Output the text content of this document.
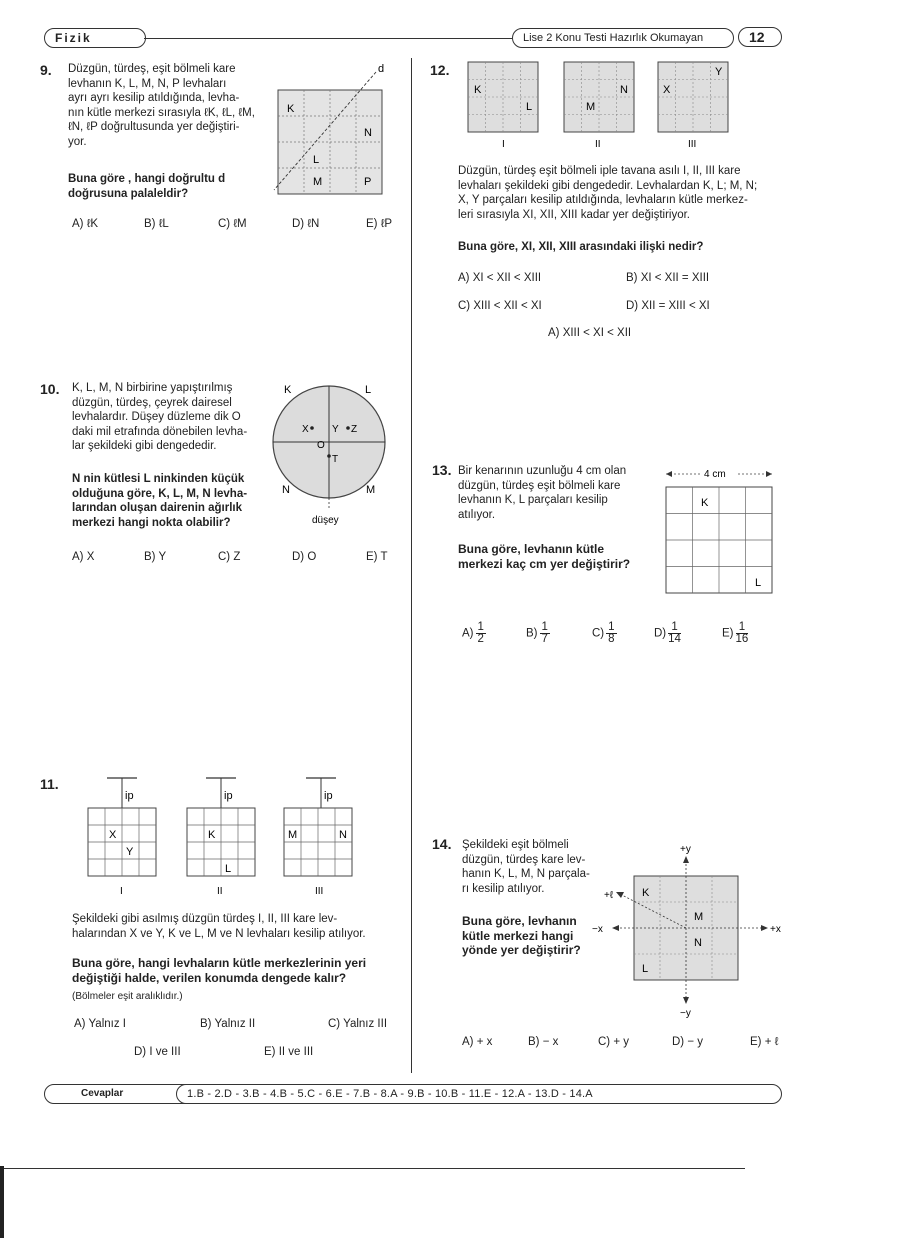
Fizik	Lise 2 Konu Testi Hazırlık Okumayan	12
9. Düzgün, türdeş, eşit bölmeli kare
levhanın K, L, M, N, P levhaları
ayrı ayrı kesilip atıldığında, levha-
nın kütle merkezi sırasıyla ℓK, ℓL, ℓM,
ℓN, ℓP doğrultusunda yer değiştiri-
yor.
Buna göre , hangi doğrultu d
doğrusuna palaleldir?
d
K
N
L
M	P
A) ℓK	B) ℓL	C) ℓM	D) ℓN	E) ℓP
10. K, L, M, N birbirine yapıştırılmış
düzgün, türdeş, çeyrek dairesel
levhalardır. Düşey düzleme dik O
daki mil etrafında dönebilen levha-
lar şekildeki gibi dengededir.
N nin kütlesi L ninkinden küçük
olduğuna göre, K, L, M, N levha-
larından oluşan dairenin ağırlık
merkezi hangi nokta olabilir?
K	L
N	M
X Y Z
O
T
düşey
A) X	B) Y	C) Z	D) O	E) T
11.
ip
X
Y
I
ip
K
L
II
ip
M	N
III
Şekildeki gibi asılmış düzgün türdeş I, II, III kare lev-
halarından X ve Y, K ve L, M ve N levhaları kesilip atılıyor.
Buna göre, hangi levhaların kütle merkezlerinin yeri
değiştiği halde, verilen konumda dengede kalır?
(Bölmeler eşit aralıklıdır.)
A) Yalnız I	B) Yalnız II	C) Yalnız III
D) I ve III	E) II ve III
12.
K
L
I
N
M
II
Y
X
III
Düzgün, türdeş eşit bölmeli iple tavana asılı I, II, III kare
levhaları şekildeki gibi dengededir. Levhalardan K, L; M, N;
X, Y parçaları kesilip atıldığında, levhaların kütle merkez-
leri sırasıyla XI, XII, XIII kadar yer değiştiriyor.
Buna göre, XI, XII, XIII arasındaki ilişki nedir?
A) XI < XII < XIII	B) XI < XII = XIII
C) XIII < XII < XI	D) XII = XIII < XI
A) XIII < XI < XII
13. Bir kenarının uzunluğu 4 cm olan
düzgün, türdeş eşit bölmeli kare
levhanın K, L parçaları kesilip
atılıyor.
Buna göre, levhanın kütle
merkezi kaç cm yer değiştirir?
4 cm
K
L
$A) \frac{1}{2}$	$B) \frac{1}{7}$	$C) \frac{1}{8}$	$D) \frac{1}{14}$	$E) \frac{1}{16}$
14. Şekildeki eşit bölmeli
düzgün, türdeş kare lev-
hanın K, L, M, N parçala-
rı kesilip atılıyor.
Buna göre, levhanın
kütle merkezi hangi
yönde yer değiştirir?
+y
−y
+x
−x
+ℓ	K
M
N
L
A) + x	B) − x	C) + y	D) − y	E) + ℓ
Cevaplar	1.B - 2.D - 3.B - 4.B - 5.C - 6.E - 7.B - 8.A - 9.B - 10.B - 11.E - 12.A - 13.D - 14.A
